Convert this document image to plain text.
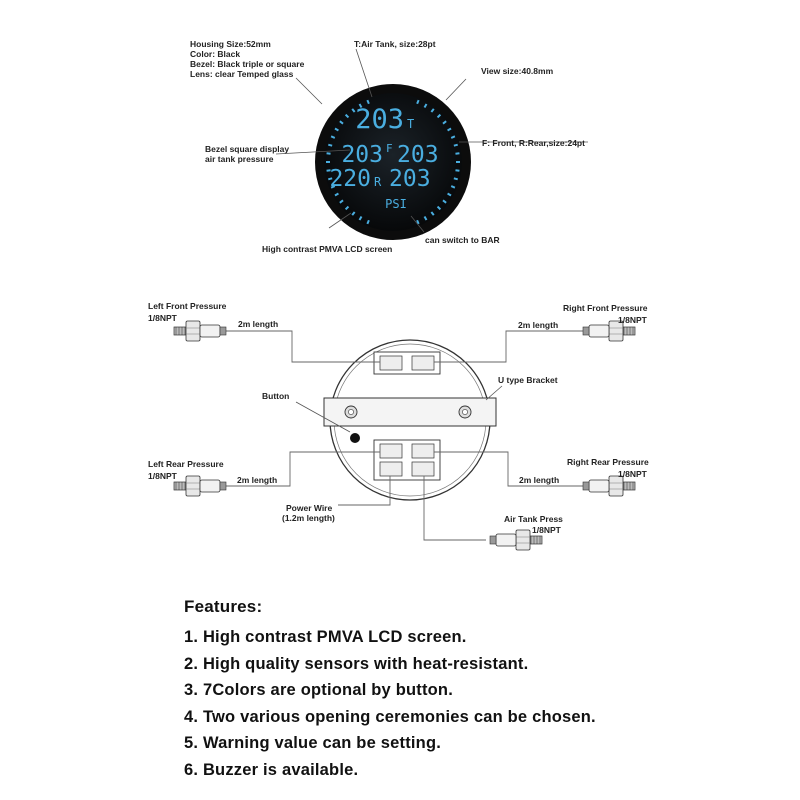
203 T
203 F 203
220 R 203
PSI
Housing Size:52mm
Color: Black
Bezel: Black triple or square
Lens: clear Temped glass
T:Air Tank, size:28pt
View size:40.8mm
Bezel square display
air tank pressure
F: Front, R:Rear,size:24pt
High contrast PMVA LCD screen
can switch to BAR
Left Front Pressure
1/8NPT
2m length
Right Front Pressure
1/8NPT
2m length
Button
U type Bracket
Left Rear Pressure
1/8NPT	2m length
Right Rear Pressure
1/8NPT
2m length
Power Wire
(1.2m length)	Air Tank Press
1/8NPT
Features:
1. High contrast PMVA LCD screen.
2. High quality sensors with heat-resistant.
3. 7Colors are optional by button.
4. Two various opening ceremonies can be chosen.
5. Warning value can be setting.
6. Buzzer is available.
